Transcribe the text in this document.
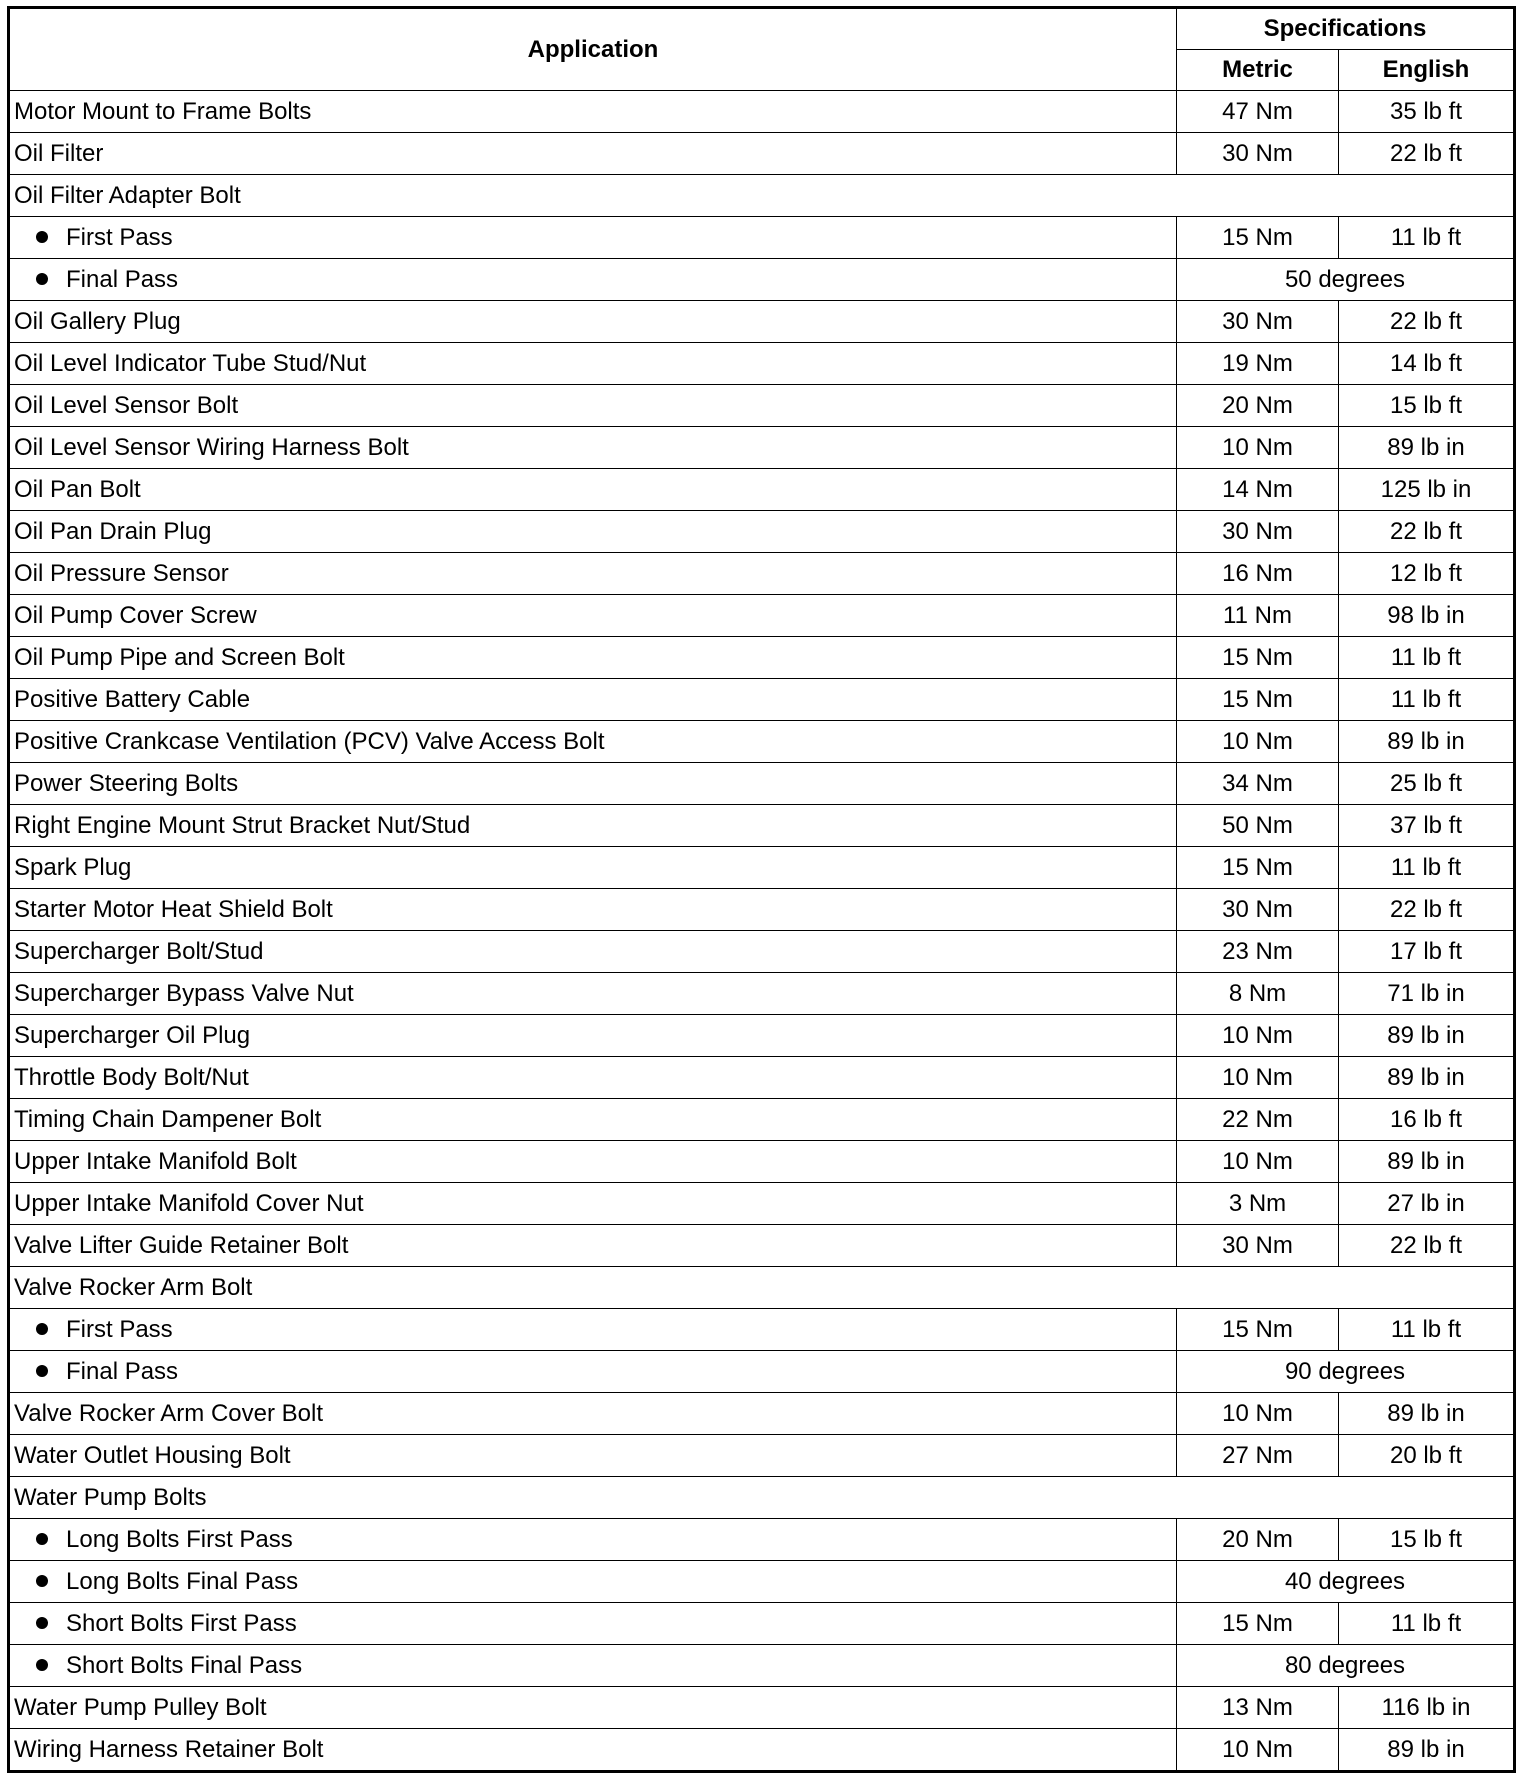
Application	Specifications	
	Metric	English
Motor Mount to Frame Bolts	47 Nm	35 lb ft
Oil Filter	30 Nm	22 lb ft
Oil Filter Adapter Bolt		
First Pass	15 Nm	11 lb ft
Final Pass	50 degrees	
Oil Gallery Plug	30 Nm	22 lb ft
Oil Level Indicator Tube Stud/Nut	19 Nm	14 lb ft
Oil Level Sensor Bolt	20 Nm	15 lb ft
Oil Level Sensor Wiring Harness Bolt	10 Nm	89 lb in
Oil Pan Bolt	14 Nm	125 lb in
Oil Pan Drain Plug	30 Nm	22 lb ft
Oil Pressure Sensor	16 Nm	12 lb ft
Oil Pump Cover Screw	11 Nm	98 lb in
Oil Pump Pipe and Screen Bolt	15 Nm	11 lb ft
Positive Battery Cable	15 Nm	11 lb ft
Positive Crankcase Ventilation (PCV) Valve Access Bolt	10 Nm	89 lb in
Power Steering Bolts	34 Nm	25 lb ft
Right Engine Mount Strut Bracket Nut/Stud	50 Nm	37 lb ft
Spark Plug	15 Nm	11 lb ft
Starter Motor Heat Shield Bolt	30 Nm	22 lb ft
Supercharger Bolt/Stud	23 Nm	17 lb ft
Supercharger Bypass Valve Nut	8 Nm	71 lb in
Supercharger Oil Plug	10 Nm	89 lb in
Throttle Body Bolt/Nut	10 Nm	89 lb in
Timing Chain Dampener Bolt	22 Nm	16 lb ft
Upper Intake Manifold Bolt	10 Nm	89 lb in
Upper Intake Manifold Cover Nut	3 Nm	27 lb in
Valve Lifter Guide Retainer Bolt	30 Nm	22 lb ft
Valve Rocker Arm Bolt		
First Pass	15 Nm	11 lb ft
Final Pass	90 degrees	
Valve Rocker Arm Cover Bolt	10 Nm	89 lb in
Water Outlet Housing Bolt	27 Nm	20 lb ft
Water Pump Bolts		
Long Bolts First Pass	20 Nm	15 lb ft
Long Bolts Final Pass	40 degrees	
Short Bolts First Pass	15 Nm	11 lb ft
Short Bolts Final Pass	80 degrees	
Water Pump Pulley Bolt	13 Nm	116 lb in
Wiring Harness Retainer Bolt	10 Nm	89 lb in
